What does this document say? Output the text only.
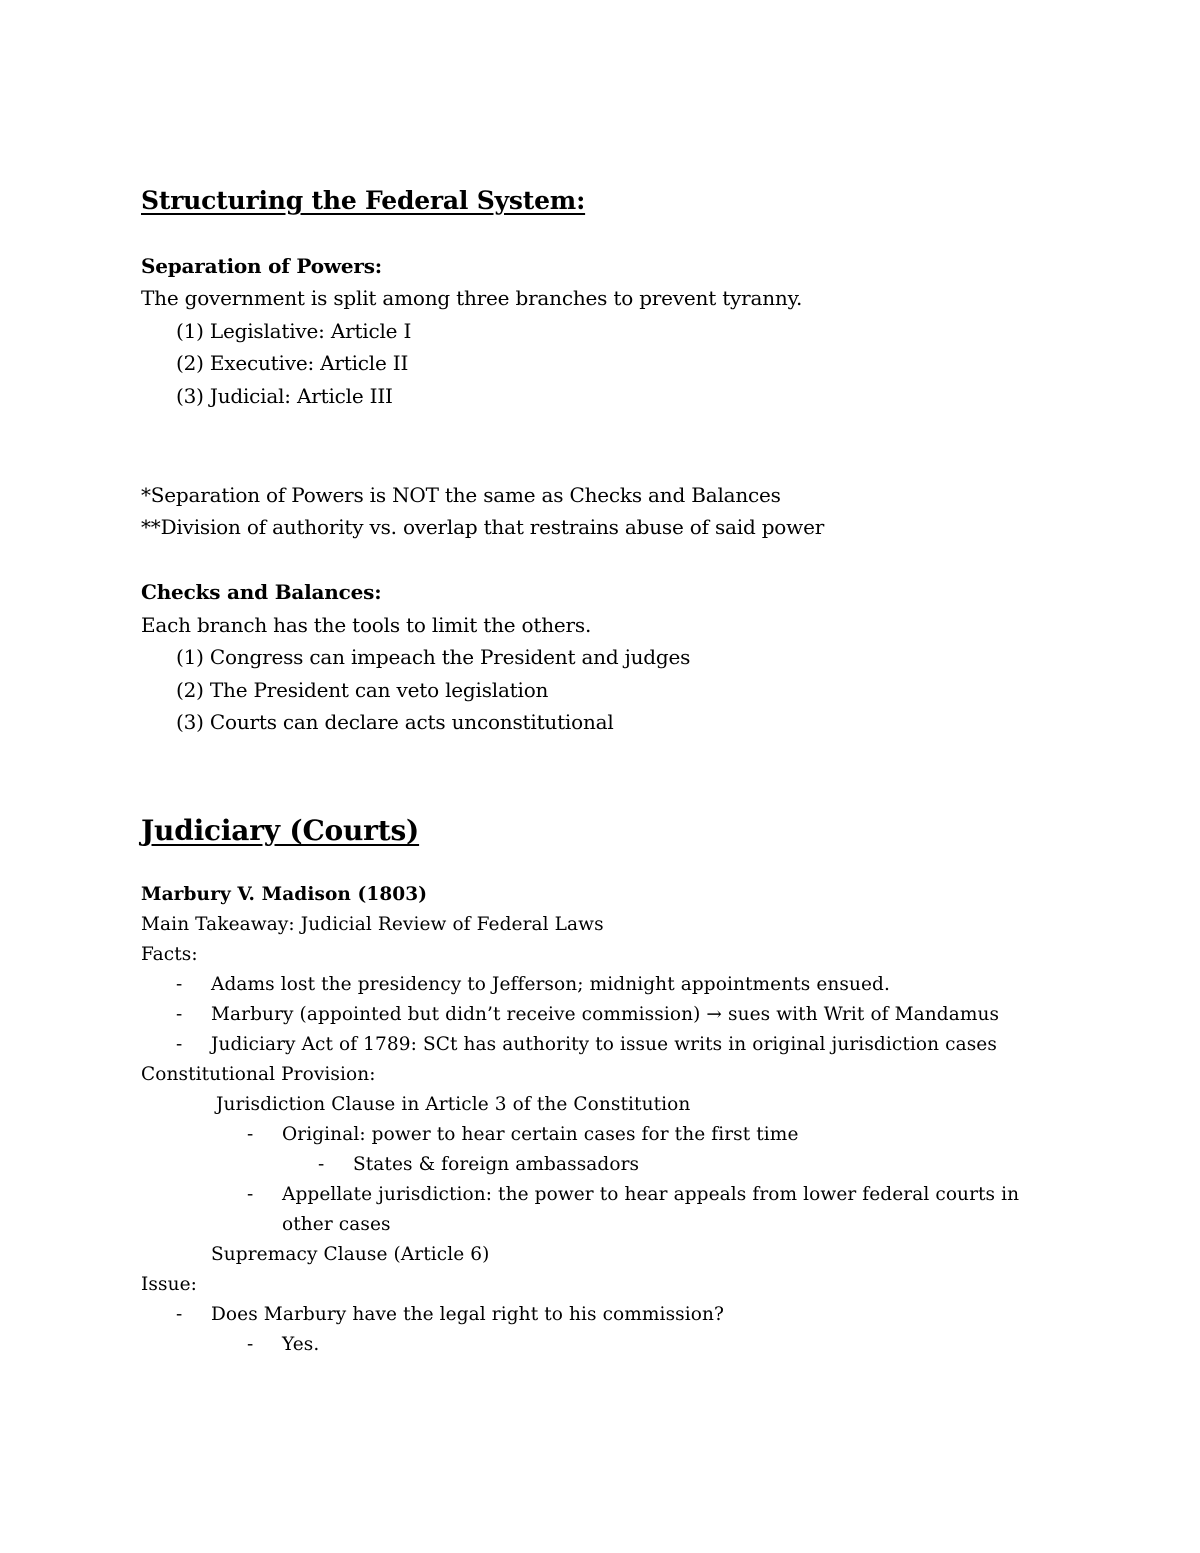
Structuring the Federal System:
Separation of Powers:
The government is split among three branches to prevent tyranny.
(1) Legislative: Article I
(2) Executive: Article II
(3) Judicial: Article III
*Separation of Powers is NOT the same as Checks and Balances
**Division of authority vs. overlap that restrains abuse of said power
Checks and Balances:
Each branch has the tools to limit the others.
(1) Congress can impeach the President and judges
(2) The President can veto legislation
(3) Courts can declare acts unconstitutional
Judiciary (Courts)
Marbury V. Madison (1803)
Main Takeaway: Judicial Review of Federal Laws
Facts:
- Adams lost the presidency to Jefferson; midnight appointments ensued.
- Marbury (appointed but didn’t receive commission) → sues with Writ of Mandamus
- Judiciary Act of 1789: SCt has authority to issue writs in original jurisdiction cases
Constitutional Provision:
Jurisdiction Clause in Article 3 of the Constitution
- Original: power to hear certain cases for the first time
- States & foreign ambassadors
- Appellate jurisdiction: the power to hear appeals from lower federal courts in
other cases
Supremacy Clause (Article 6)
Issue:
- Does Marbury have the legal right to his commission?
- Yes.
